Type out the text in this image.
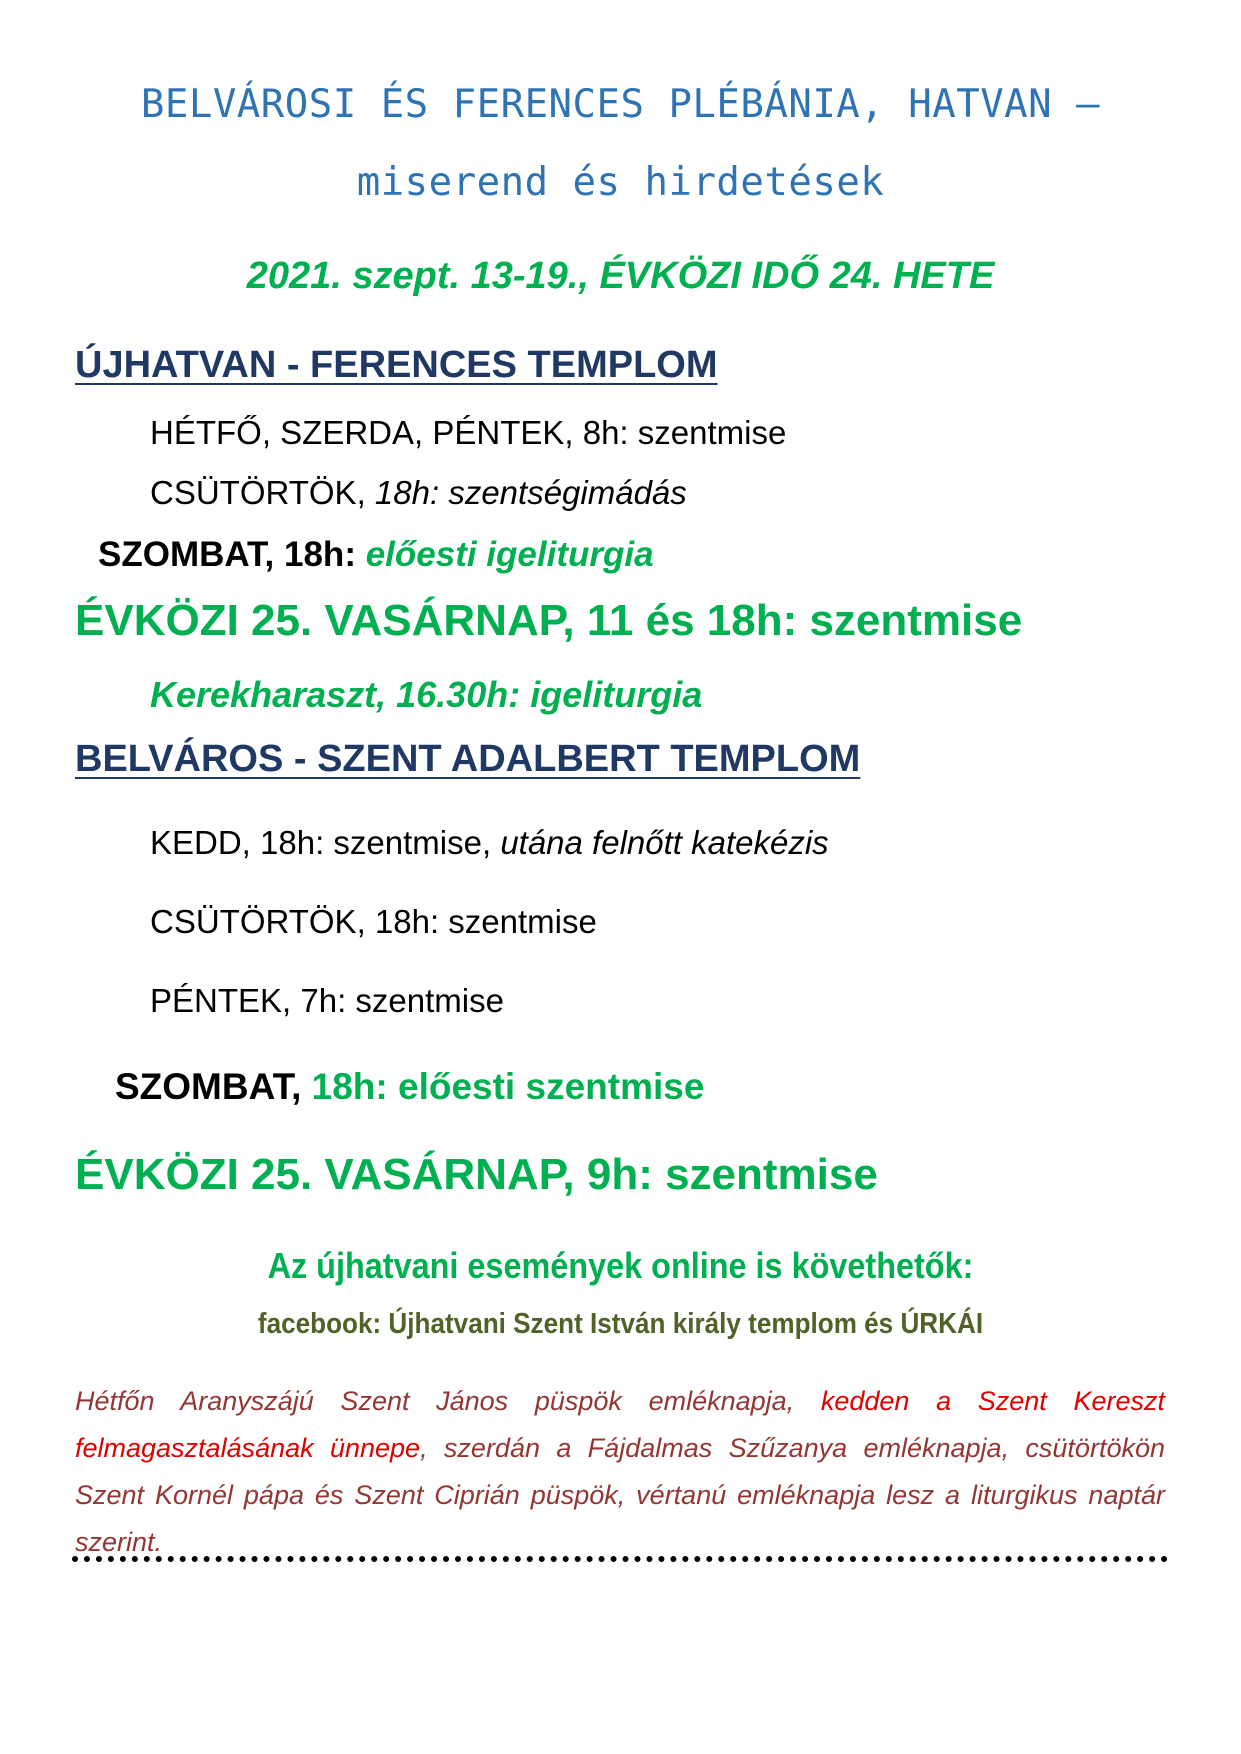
BELVÁROSI ÉS FERENCES PLÉBÁNIA, HATVAN –
miserend és hirdetések
2021. szept. 13-19., ÉVKÖZI IDŐ 24. HETE
ÚJHATVAN - FERENCES TEMPLOM
HÉTFŐ, SZERDA, PÉNTEK, 8h: szentmise
CSÜTÖRTÖK, 18h: szentségimádás
SZOMBAT, 18h: előesti igeliturgia
ÉVKÖZI 25. VASÁRNAP, 11 és 18h: szentmise
Kerekharaszt, 16.30h: igeliturgia
BELVÁROS - SZENT ADALBERT TEMPLOM
KEDD, 18h: szentmise, utána felnőtt katekézis
CSÜTÖRTÖK, 18h: szentmise
PÉNTEK, 7h: szentmise
SZOMBAT, 18h: előesti szentmise
ÉVKÖZI 25. VASÁRNAP, 9h: szentmise
Az újhatvani események online is követhetők:
facebook: Újhatvani Szent István király templom és ÚRKÁI

Hétfőn Aranyszájú Szent János püspök emléknapja, kedden a Szent Kereszt felmagasztalásának ünnepe, szerdán a Fájdalmas Szűzanya emléknapja, csütörtökön Szent Kornél pápa és Szent Ciprián püspök, vértanú emléknapja lesz a liturgikus naptár szerint.
